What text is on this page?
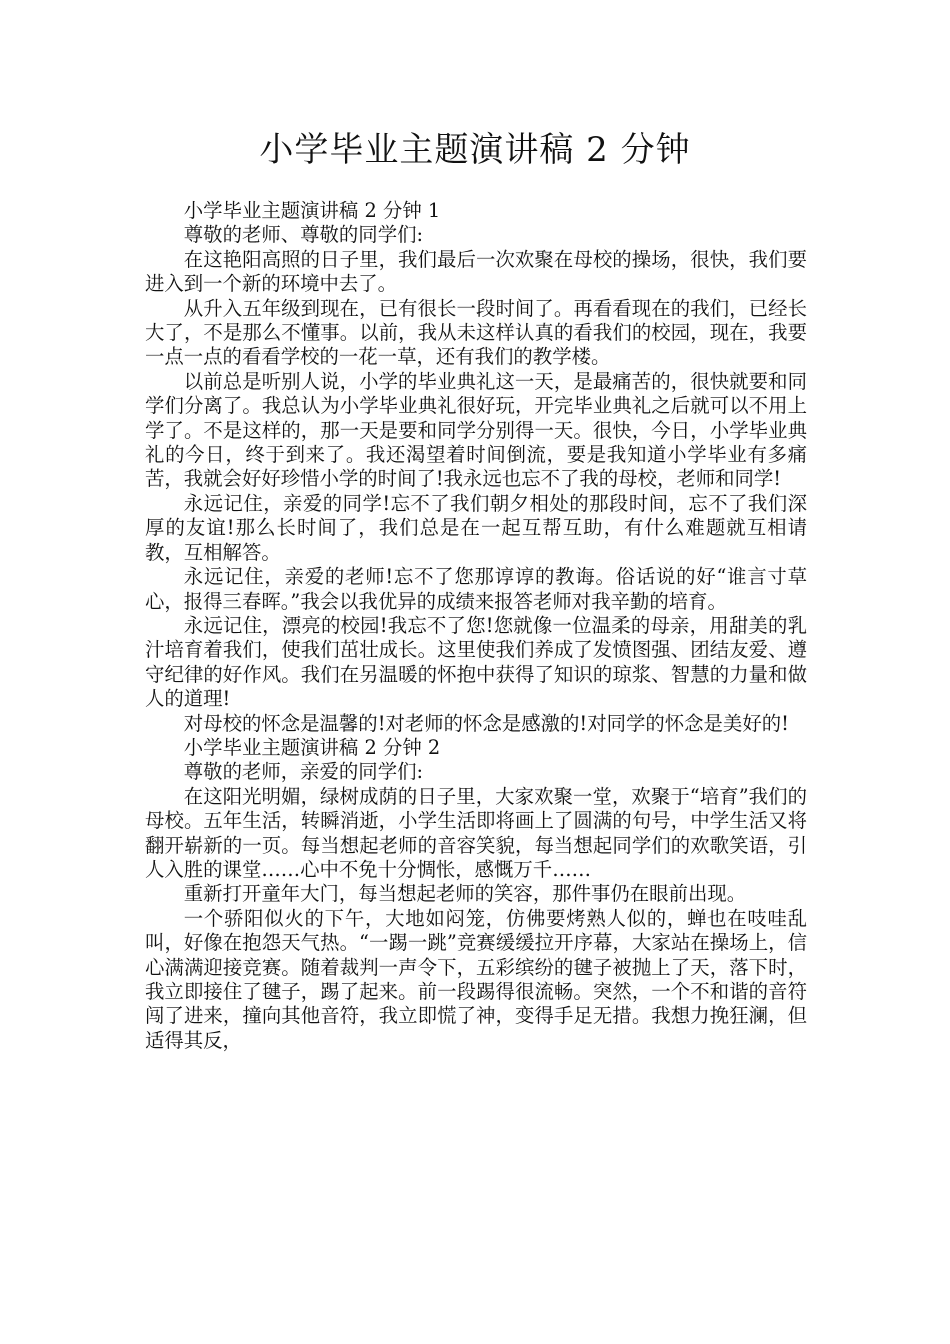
小学毕业主题演讲稿 2 分钟

小学毕业主题演讲稿 2 分钟 1

尊敬的老师、尊敬的同学们:

在这艳阳高照的日子里，我们最后一次欢聚在母校的操场，很快，我们要进入到一个新的环境中去了。

从升入五年级到现在，已有很长一段时间了。再看看现在的我们，已经长大了，不是那么不懂事。以前，我从未这样认真的看我们的校园，现在，我要一点一点的看看学校的一花一草，还有我们的教学楼。

以前总是听别人说，小学的毕业典礼这一天，是最痛苦的，很快就要和同学们分离了。我总认为小学毕业典礼很好玩，开完毕业典礼之后就可以不用上学了。不是这样的，那一天是要和同学分别得一天。很快，今日，小学毕业典礼的今日，终于到来了。我还渴望着时间倒流，要是我知道小学毕业有多痛苦，我就会好好珍惜小学的时间了!我永远也忘不了我的母校，老师和同学!

永远记住，亲爱的同学!忘不了我们朝夕相处的那段时间，忘不了我们深厚的友谊!那么长时间了，我们总是在一起互帮互助，有什么难题就互相请教，互相解答。

永远记住，亲爱的老师!忘不了您那谆谆的教诲。俗话说的好“谁言寸草心，报得三春晖。”我会以我优异的成绩来报答老师对我辛勤的培育。

永远记住，漂亮的校园!我忘不了您!您就像一位温柔的母亲，用甜美的乳汁培育着我们，使我们茁壮成长。这里使我们养成了发愤图强、团结友爱、遵守纪律的好作风。我们在另温暖的怀抱中获得了知识的琼浆、智慧的力量和做人的道理!

对母校的怀念是温馨的!对老师的怀念是感激的!对同学的怀念是美好的!

小学毕业主题演讲稿 2 分钟 2

尊敬的老师，亲爱的同学们:

在这阳光明媚，绿树成荫的日子里，大家欢聚一堂，欢聚于“培育”我们的母校。五年生活，转瞬消逝，小学生活即将画上了圆满的句号，中学生活又将翻开崭新的一页。每当想起老师的音容笑貌，每当想起同学们的欢歌笑语，引人入胜的课堂……心中不免十分惆怅，感慨万千……

重新打开童年大门，每当想起老师的笑容，那件事仍在眼前出现。

一个骄阳似火的下午，大地如闷笼，仿佛要烤熟人似的，蝉也在吱哇乱叫，好像在抱怨天气热。“一踢一跳”竞赛缓缓拉开序幕，大家站在操场上，信心满满迎接竞赛。随着裁判一声令下，五彩缤纷的毽子被抛上了天，落下时，我立即接住了毽子，踢了起来。前一段踢得很流畅。突然，一个不和谐的音符闯了进来，撞向其他音符，我立即慌了神，变得手足无措。我想力挽狂澜，但适得其反，
